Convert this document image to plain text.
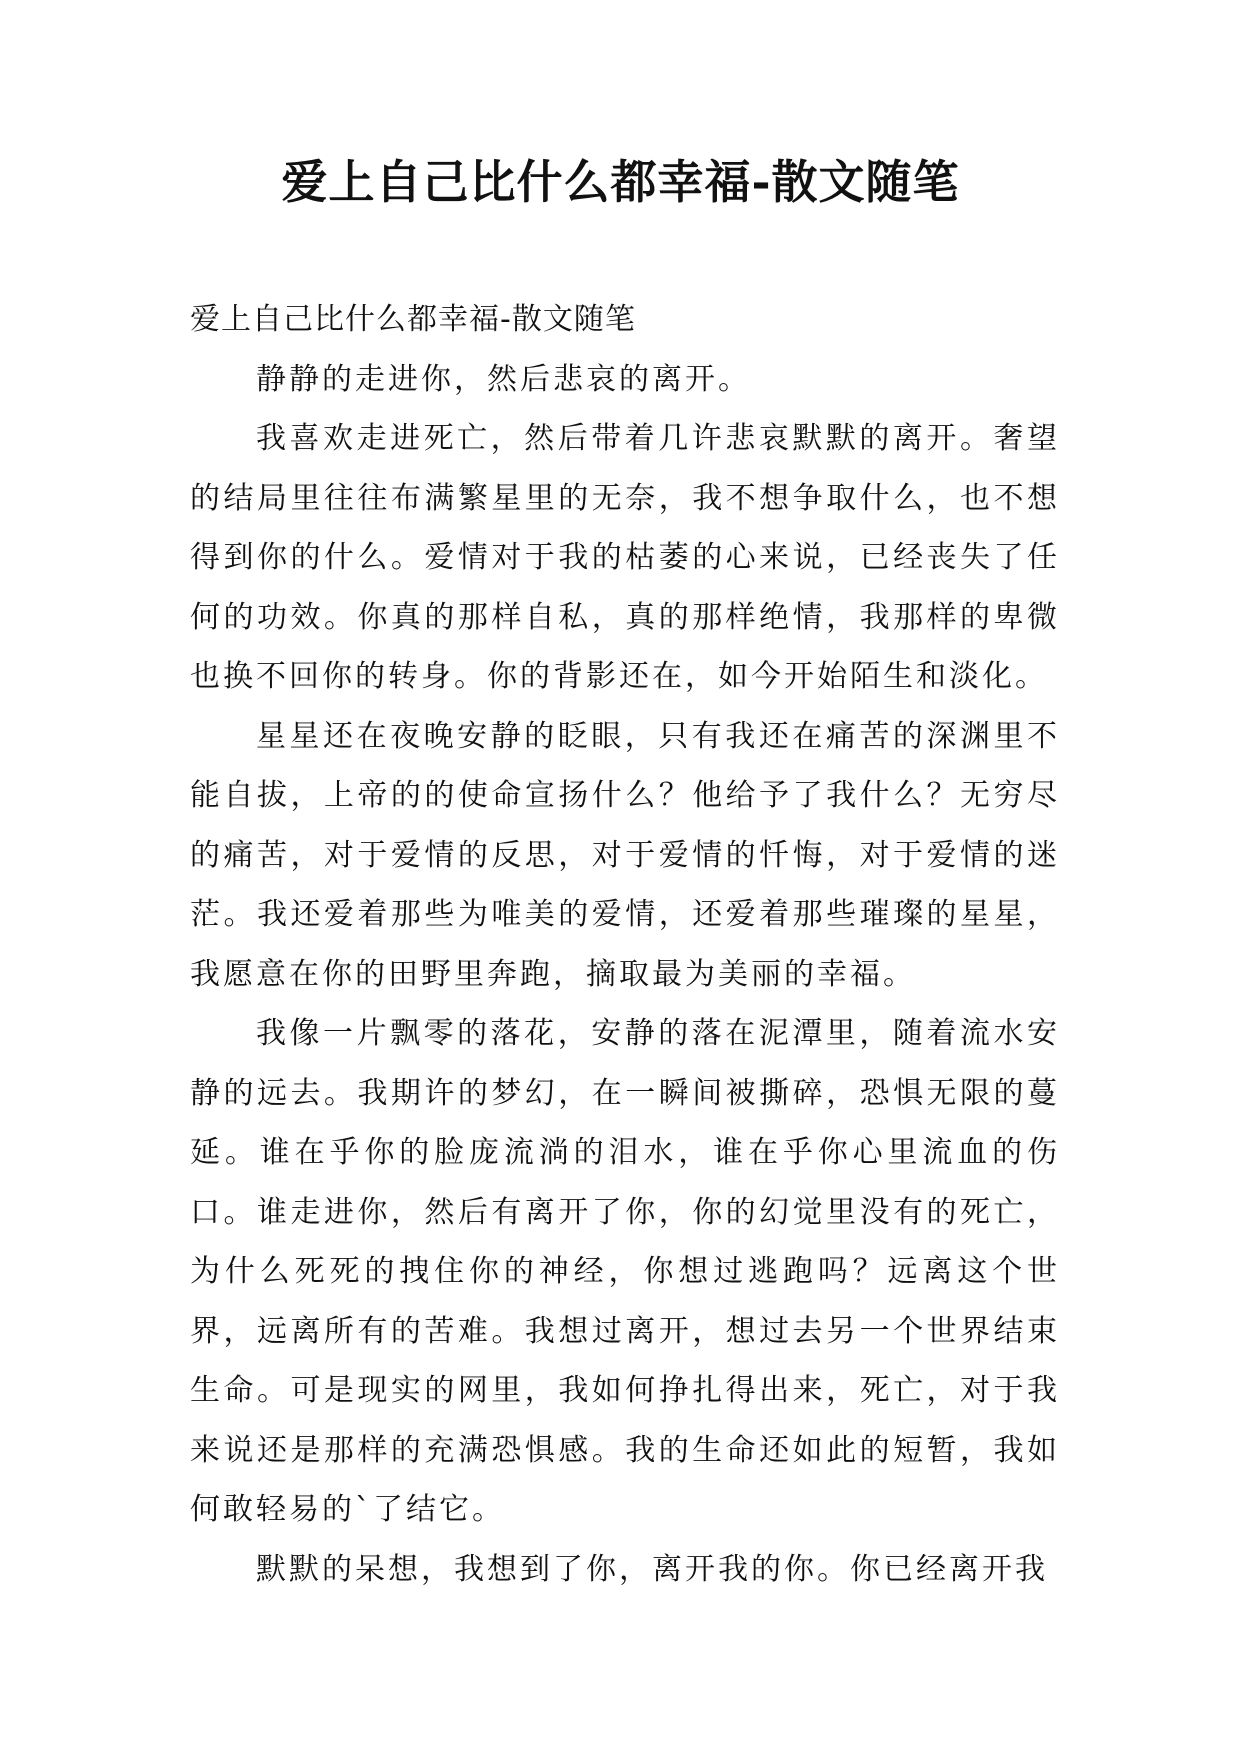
爱上自己比什么都幸福-散文随笔

爱上自己比什么都幸福-散文随笔

静静的走进你，然后悲哀的离开。

我喜欢走进死亡，然后带着几许悲哀默默的离开。奢望的结局里往往布满繁星里的无奈，我不想争取什么，也不想得到你的什么。爱情对于我的枯萎的心来说，已经丧失了任何的功效。你真的那样自私，真的那样绝情，我那样的卑微也换不回你的转身。你的背影还在，如今开始陌生和淡化。

星星还在夜晚安静的眨眼，只有我还在痛苦的深渊里不能自拔，上帝的的使命宣扬什么？他给予了我什么？无穷尽的痛苦，对于爱情的反思，对于爱情的忏悔，对于爱情的迷茫。我还爱着那些为唯美的爱情，还爱着那些璀璨的星星，我愿意在你的田野里奔跑，摘取最为美丽的幸福。

我像一片飘零的落花，安静的落在泥潭里，随着流水安静的远去。我期许的梦幻，在一瞬间被撕碎，恐惧无限的蔓延。谁在乎你的脸庞流淌的泪水，谁在乎你心里流血的伤口。谁走进你，然后有离开了你，你的幻觉里没有的死亡，为什么死死的拽住你的神经，你想过逃跑吗？远离这个世界，远离所有的苦难。我想过离开，想过去另一个世界结束生命。可是现实的网里，我如何挣扎得出来，死亡，对于我来说还是那样的充满恐惧感。我的生命还如此的短暂，我如何敢轻易的`了结它。

默默的呆想，我想到了你，离开我的你。你已经离开我
